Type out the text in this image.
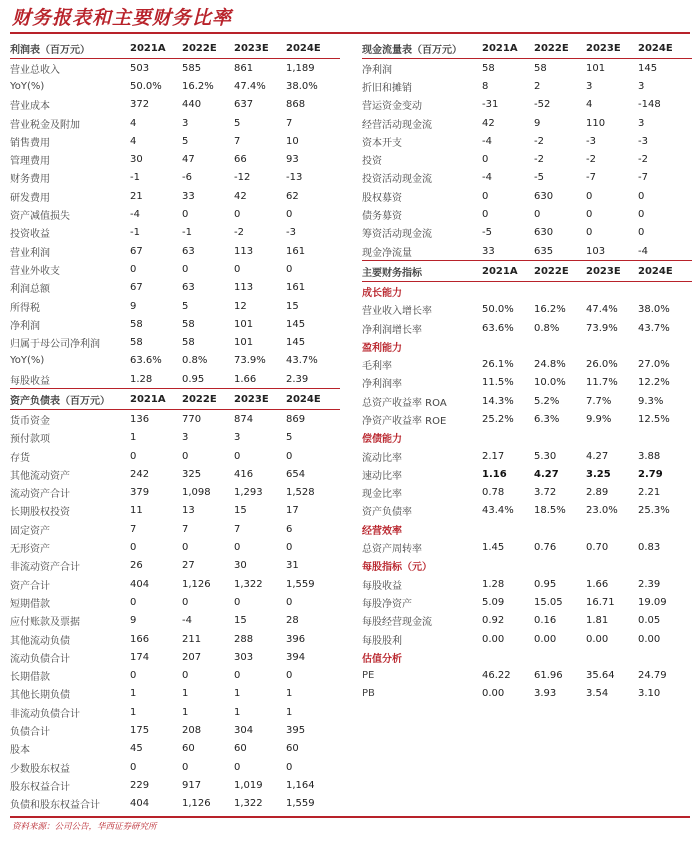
财务报表和主要财务比率
利润表（百万元）	2021A	2022E	2023E	2024E
营业总收入	503	585	861	1,189
YoY(%)	50.0%	16.2%	47.4%	38.0%
营业成本	372	440	637	868
营业税金及附加	4	3	5	7
销售费用	4	5	7	10
管理费用	30	47	66	93
财务费用	-1	-6	-12	-13
研发费用	21	33	42	62
资产减值损失	-4	0	0	0
投资收益	-1	-1	-2	-3
营业利润	67	63	113	161
营业外收支	0	0	0	0
利润总额	67	63	113	161
所得税	9	5	12	15
净利润	58	58	101	145
归属于母公司净利润	58	58	101	145
YoY(%)	63.6%	0.8%	73.9%	43.7%
每股收益	1.28	0.95	1.66	2.39
资产负债表（百万元）	2021A	2022E	2023E	2024E
货币资金	136	770	874	869
预付款项	1	3	3	5
存货	0	0	0	0
其他流动资产	242	325	416	654
流动资产合计	379	1,098	1,293	1,528
长期股权投资	11	13	15	17
固定资产	7	7	7	6
无形资产	0	0	0	0
非流动资产合计	26	27	30	31
资产合计	404	1,126	1,322	1,559
短期借款	0	0	0	0
应付账款及票据	9	-4	15	28
其他流动负债	166	211	288	396
流动负债合计	174	207	303	394
长期借款	0	0	0	0
其他长期负债	1	1	1	1
非流动负债合计	1	1	1	1
负债合计	175	208	304	395
股本	45	60	60	60
少数股东权益	0	0	0	0
股东权益合计	229	917	1,019	1,164
负债和股东权益合计	404	1,126	1,322	1,559
现金流量表（百万元）	2021A	2022E	2023E	2024E
净利润	58	58	101	145
折旧和摊销	8	2	3	3
营运资金变动	-31	-52	4	-148
经营活动现金流	42	9	110	3
资本开支	-4	-2	-3	-3
投资	0	-2	-2	-2
投资活动现金流	-4	-5	-7	-7
股权募资	0	630	0	0
债务募资	0	0	0	0
筹资活动现金流	-5	630	0	0
现金净流量	33	635	103	-4
主要财务指标	2021A	2022E	2023E	2024E
成长能力
营业收入增长率	50.0%	16.2%	47.4%	38.0%
净利润增长率	63.6%	0.8%	73.9%	43.7%
盈利能力
毛利率	26.1%	24.8%	26.0%	27.0%
净利润率	11.5%	10.0%	11.7%	12.2%
总资产收益率 ROA	14.3%	5.2%	7.7%	9.3%
净资产收益率 ROE	25.2%	6.3%	9.9%	12.5%
偿债能力
流动比率	2.17	5.30	4.27	3.88
速动比率	1.16	4.27	3.25	2.79
现金比率	0.78	3.72	2.89	2.21
资产负债率	43.4%	18.5%	23.0%	25.3%
经营效率
总资产周转率	1.45	0.76	0.70	0.83
每股指标（元）
每股收益	1.28	0.95	1.66	2.39
每股净资产	5.09	15.05	16.71	19.09
每股经营现金流	0.92	0.16	1.81	0.05
每股股利	0.00	0.00	0.00	0.00
估值分析
PE	46.22	61.96	35.64	24.79
PB	0.00	3.93	3.54	3.10
资料来源：公司公告，华西证券研究所
